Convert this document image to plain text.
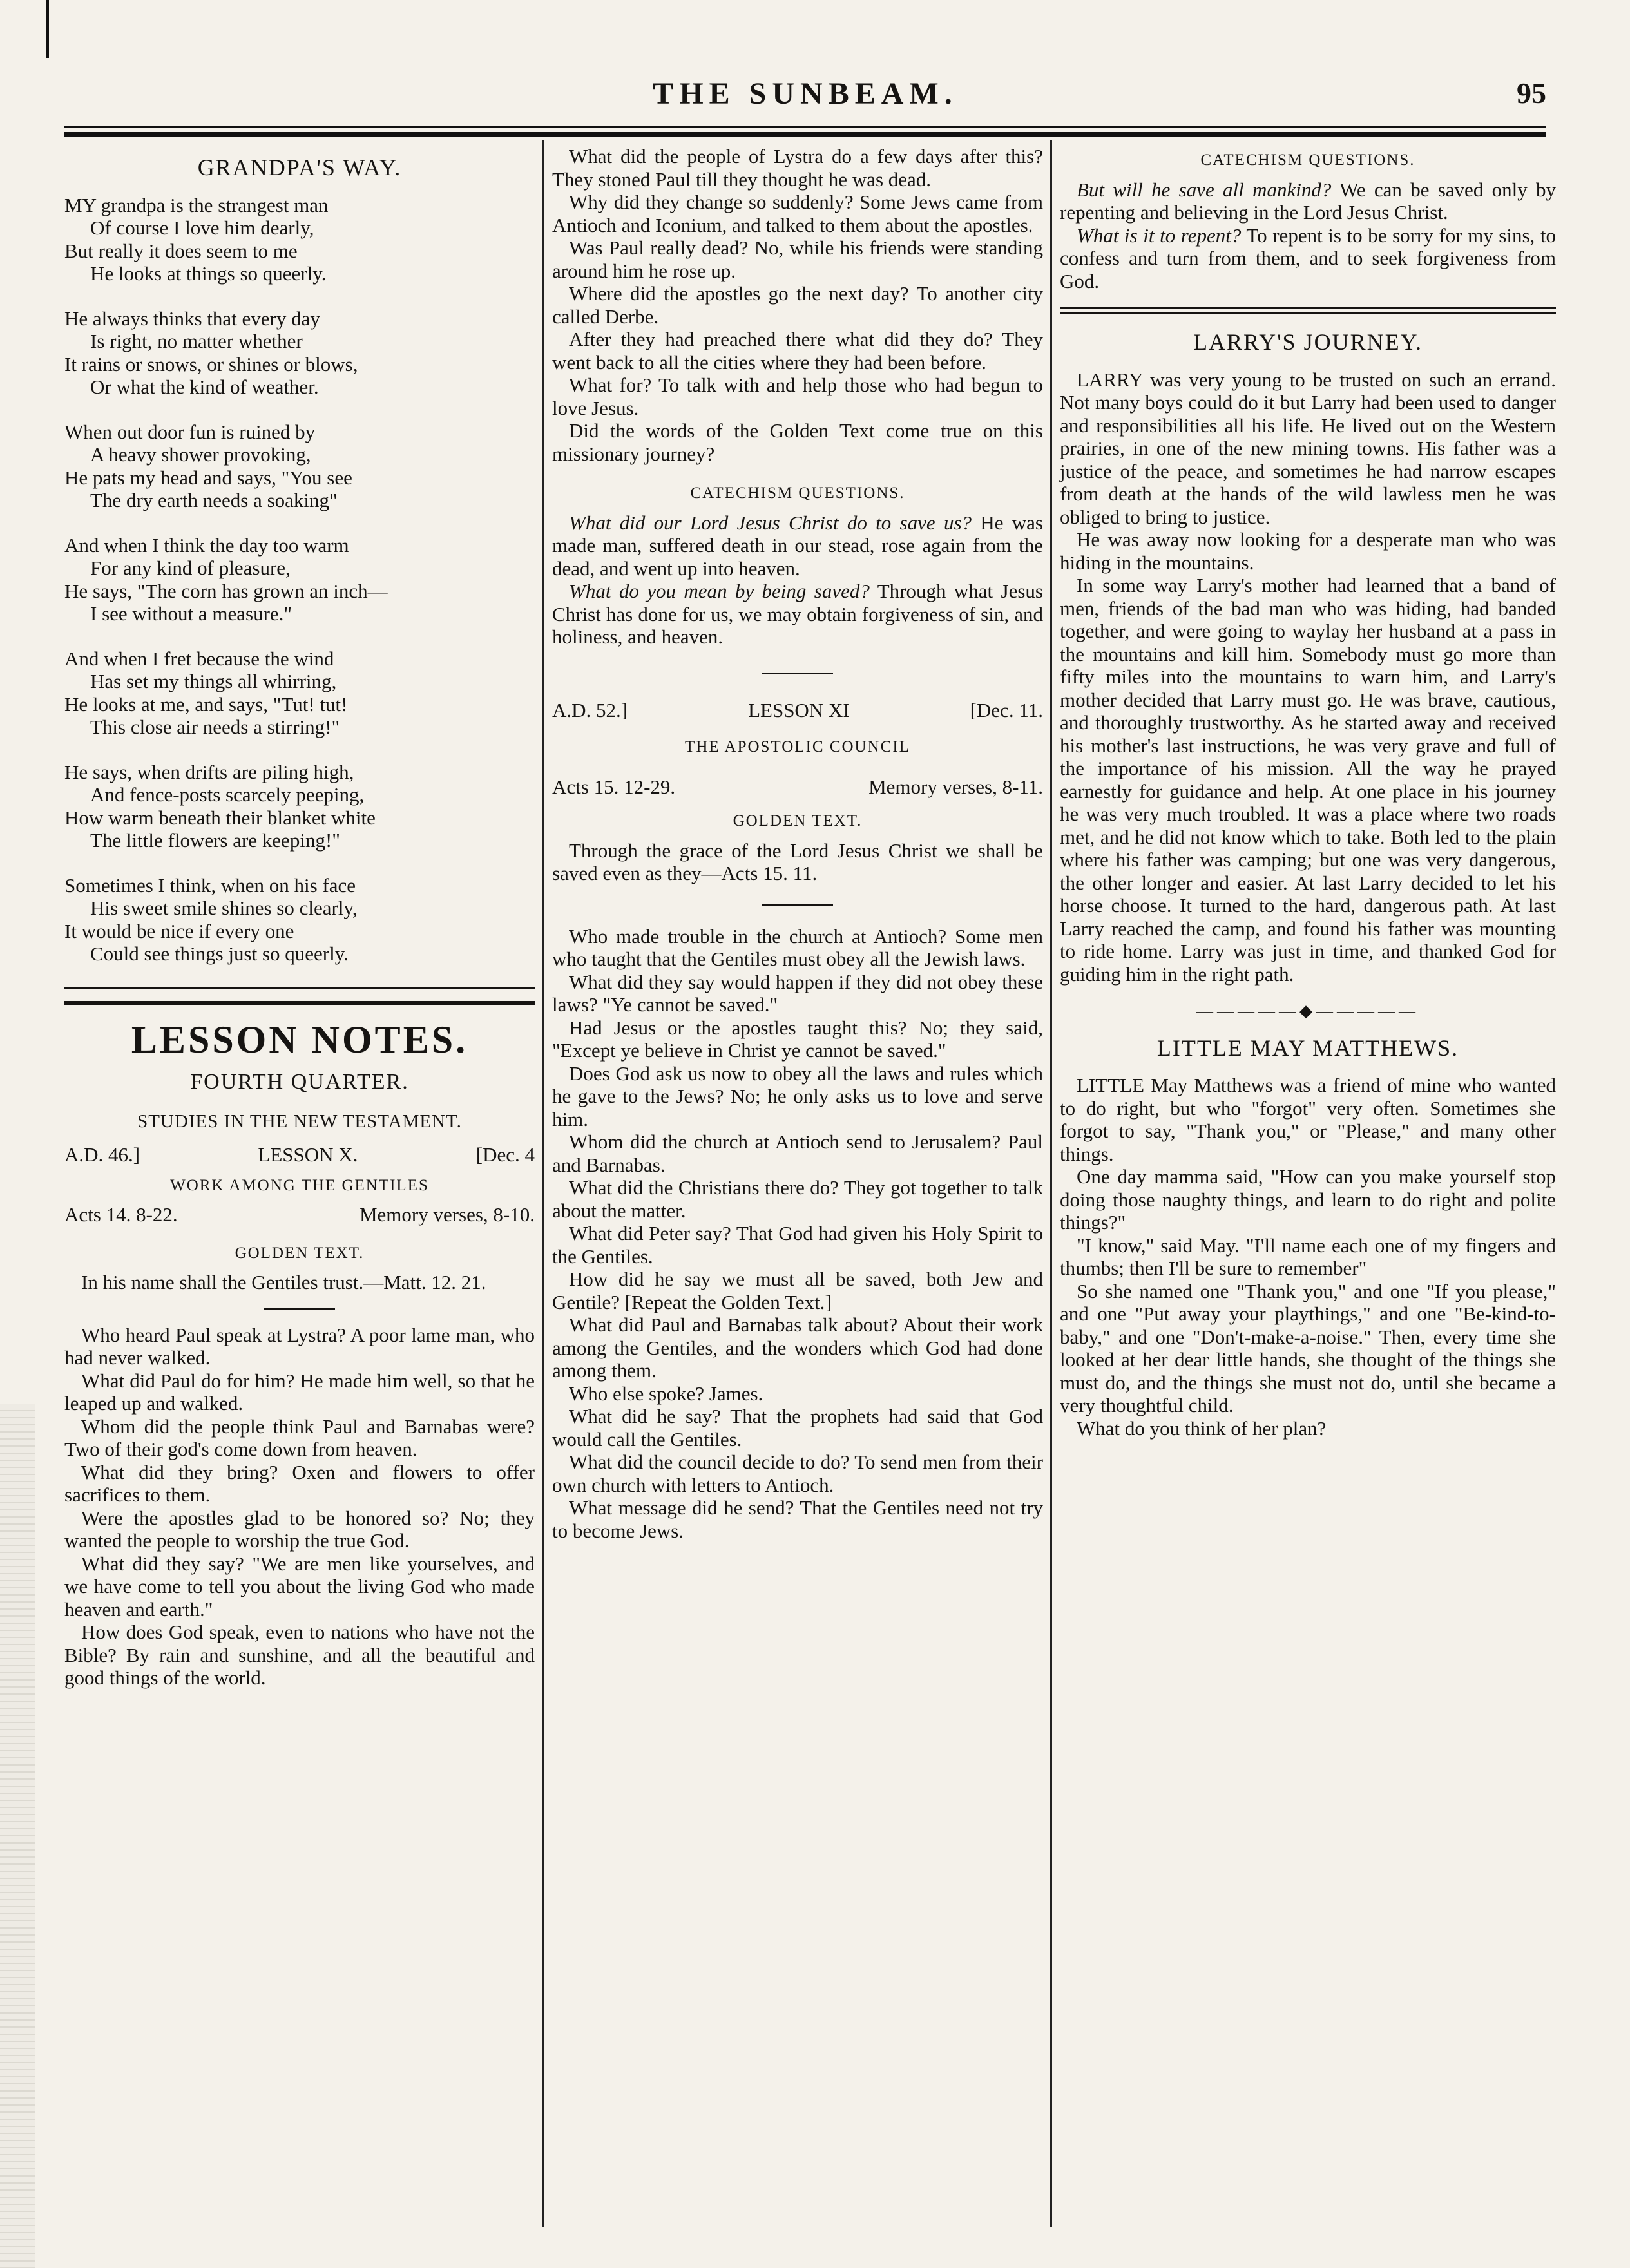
THE SUNBEAM.	95
GRANDPA'S WAY.
MY grandpa is the strangest man
Of course I love him dearly,
But really it does seem to me
He looks at things so queerly.
He always thinks that every day
Is right, no matter whether
It rains or snows, or shines or blows,
Or what the kind of weather.
When out door fun is ruined by
A heavy shower provoking,
He pats my head and says, "You see
The dry earth needs a soaking"
And when I think the day too warm
For any kind of pleasure,
He says, "The corn has grown an inch—
I see without a measure."
And when I fret because the wind
Has set my things all whirring,
He looks at me, and says, "Tut! tut!
This close air needs a stirring!"
He says, when drifts are piling high,
And fence-posts scarcely peeping,
How warm beneath their blanket white
The little flowers are keeping!"
Sometimes I think, when on his face
His sweet smile shines so clearly,
It would be nice if every one
Could see things just so queerly.
LESSON NOTES.
FOURTH QUARTER.
STUDIES IN THE NEW TESTAMENT.
A.D. 46.]	LESSON X.	[Dec. 4
WORK AMONG THE GENTILES
Acts 14. 8-22.	Memory verses, 8-10.
GOLDEN TEXT.

In his name shall the Gentiles trust.—Matt. 12. 21.

Who heard Paul speak at Lystra? A poor lame man, who had never walked.

What did Paul do for him? He made him well, so that he leaped up and walked.

Whom did the people think Paul and Barnabas were? Two of their god's come down from heaven.

What did they bring? Oxen and flowers to offer sacrifices to them.

Were the apostles glad to be honored so? No; they wanted the people to worship the true God.

What did they say? "We are men like yourselves, and we have come to tell you about the living God who made heaven and earth."

How does God speak, even to nations who have not the Bible? By rain and sunshine, and all the beautiful and good things of the world.

What did the people of Lystra do a few days after this? They stoned Paul till they thought he was dead.

Why did they change so suddenly? Some Jews came from Antioch and Iconium, and talked to them about the apostles.

Was Paul really dead? No, while his friends were standing around him he rose up.

Where did the apostles go the next day? To another city called Derbe.

After they had preached there what did they do? They went back to all the cities where they had been before.

What for? To talk with and help those who had begun to love Jesus.

Did the words of the Golden Text come true on this missionary journey?

CATECHISM QUESTIONS.

What did our Lord Jesus Christ do to save us? He was made man, suffered death in our stead, rose again from the dead, and went up into heaven.

What do you mean by being saved? Through what Jesus Christ has done for us, we may obtain forgiveness of sin, and holiness, and heaven.

A.D. 52.]	LESSON XI	[Dec. 11.
THE APOSTOLIC COUNCIL
Acts 15. 12-29.	Memory verses, 8-11.
GOLDEN TEXT.

Through the grace of the Lord Jesus Christ we shall be saved even as they—Acts 15. 11.

Who made trouble in the church at Antioch? Some men who taught that the Gentiles must obey all the Jewish laws.

What did they say would happen if they did not obey these laws? "Ye cannot be saved."

Had Jesus or the apostles taught this? No; they said, "Except ye believe in Christ ye cannot be saved."

Does God ask us now to obey all the laws and rules which he gave to the Jews? No; he only asks us to love and serve him.

Whom did the church at Antioch send to Jerusalem? Paul and Barnabas.

What did the Christians there do? They got together to talk about the matter.

What did Peter say? That God had given his Holy Spirit to the Gentiles.

How did he say we must all be saved, both Jew and Gentile? [Repeat the Golden Text.]

What did Paul and Barnabas talk about? About their work among the Gentiles, and the wonders which God had done among them.

Who else spoke? James.

What did he say? That the prophets had said that God would call the Gentiles.

What did the council decide to do? To send men from their own church with letters to Antioch.

What message did he send? That the Gentiles need not try to become Jews.

CATECHISM QUESTIONS.

But will he save all mankind? We can be saved only by repenting and believing in the Lord Jesus Christ.

What is it to repent? To repent is to be sorry for my sins, to confess and turn from them, and to seek forgiveness from God.

LARRY'S JOURNEY.

LARRY was very young to be trusted on such an errand. Not many boys could do it but Larry had been used to danger and responsibilities all his life. He lived out on the Western prairies, in one of the new mining towns. His father was a justice of the peace, and sometimes he had narrow escapes from death at the hands of the wild lawless men he was obliged to bring to justice.

He was away now looking for a desperate man who was hiding in the mountains.

In some way Larry's mother had learned that a band of men, friends of the bad man who was hiding, had banded together, and were going to waylay her husband at a pass in the mountains and kill him. Somebody must go more than fifty miles into the mountains to warn him, and Larry's mother decided that Larry must go. He was brave, cautious, and thoroughly trustworthy. As he started away and received his mother's last instructions, he was very grave and full of the importance of his mission. All the way he prayed earnestly for guidance and help. At one place in his journey he was very much troubled. It was a place where two roads met, and he did not know which to take. Both led to the plain where his father was camping; but one was very dangerous, the other longer and easier. At last Larry decided to let his horse choose. It turned to the hard, dangerous path. At last Larry reached the camp, and found his father was mounting to ride home. Larry was just in time, and thanked God for guiding him in the right path.

—————◆—————
LITTLE MAY MATTHEWS.

LITTLE May Matthews was a friend of mine who wanted to do right, but who "forgot" very often. Sometimes she forgot to say, "Thank you," or "Please," and many other things.

One day mamma said, "How can you make yourself stop doing those naughty things, and learn to do right and polite things?"

"I know," said May. "I'll name each one of my fingers and thumbs; then I'll be sure to remember"

So she named one "Thank you," and one "If you please," and one "Put away your playthings," and one "Be-kind-to-baby," and one "Don't-make-a-noise." Then, every time she looked at her dear little hands, she thought of the things she must do, and the things she must not do, until she became a very thoughtful child.

What do you think of her plan?
